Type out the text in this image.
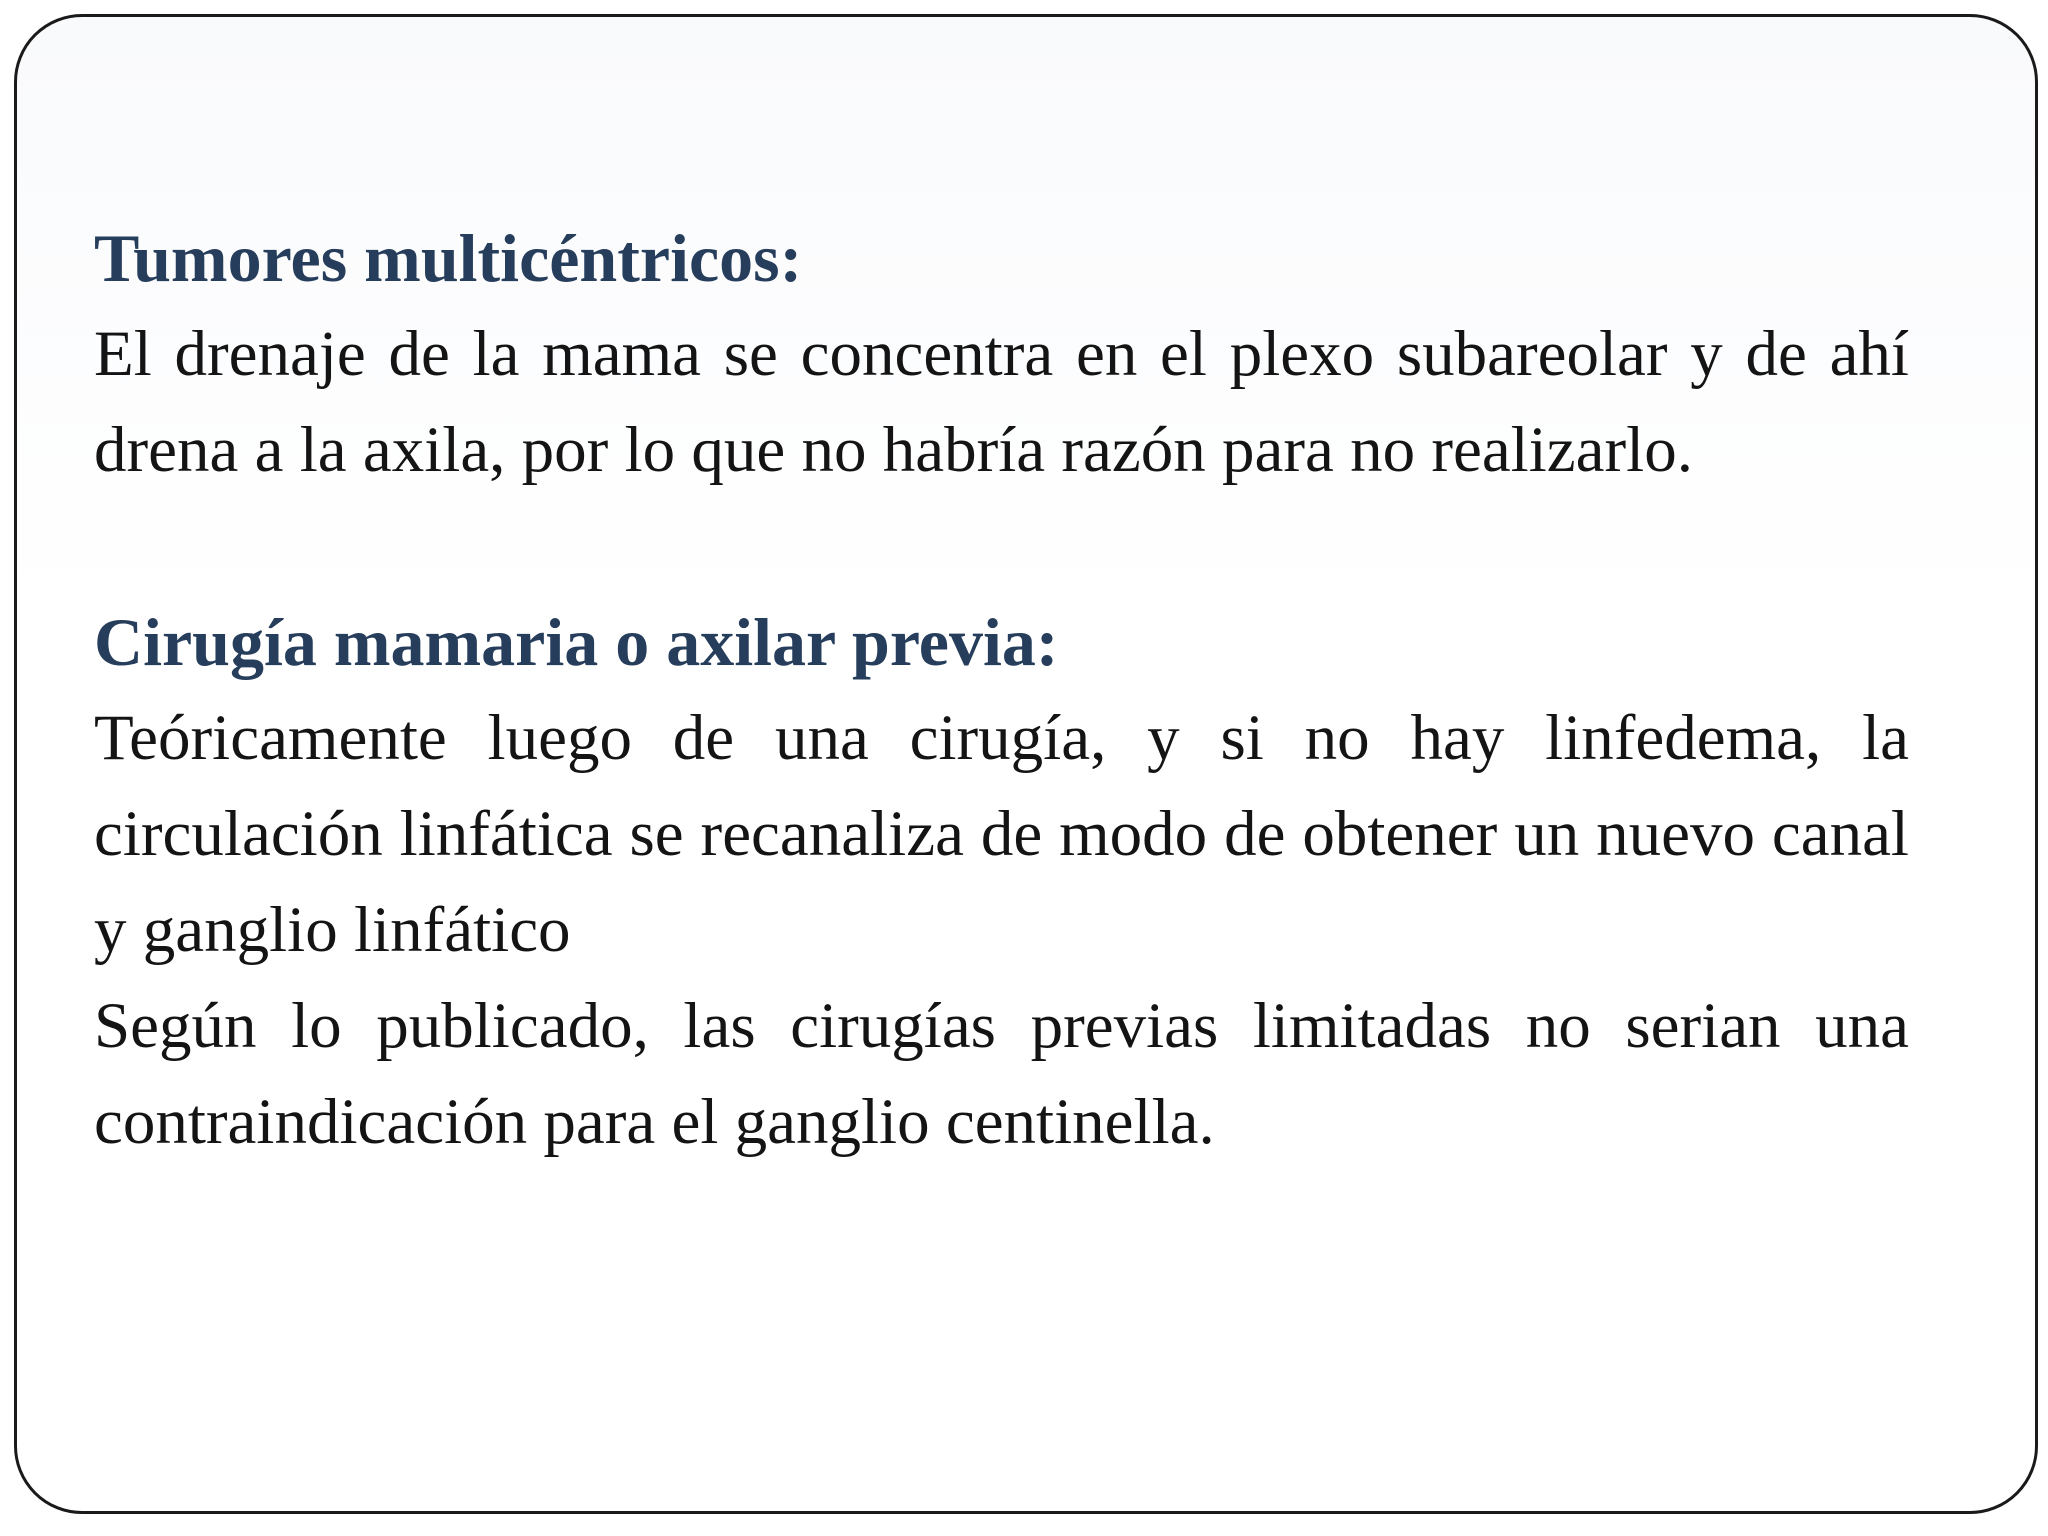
Tumores multicéntricos:

El drenaje de la mama se concentra en el plexo subareolar y de ahí drena a la axila, por lo que no habría razón para no realizarlo.

Cirugía mamaria o axilar previa:

Teóricamente luego de una cirugía, y si no hay linfedema, la circulación linfática se recanaliza de modo de obtener un nuevo canal y ganglio linfático

Según lo publicado, las cirugías previas limitadas no serian una contraindicación para el ganglio centinella.
